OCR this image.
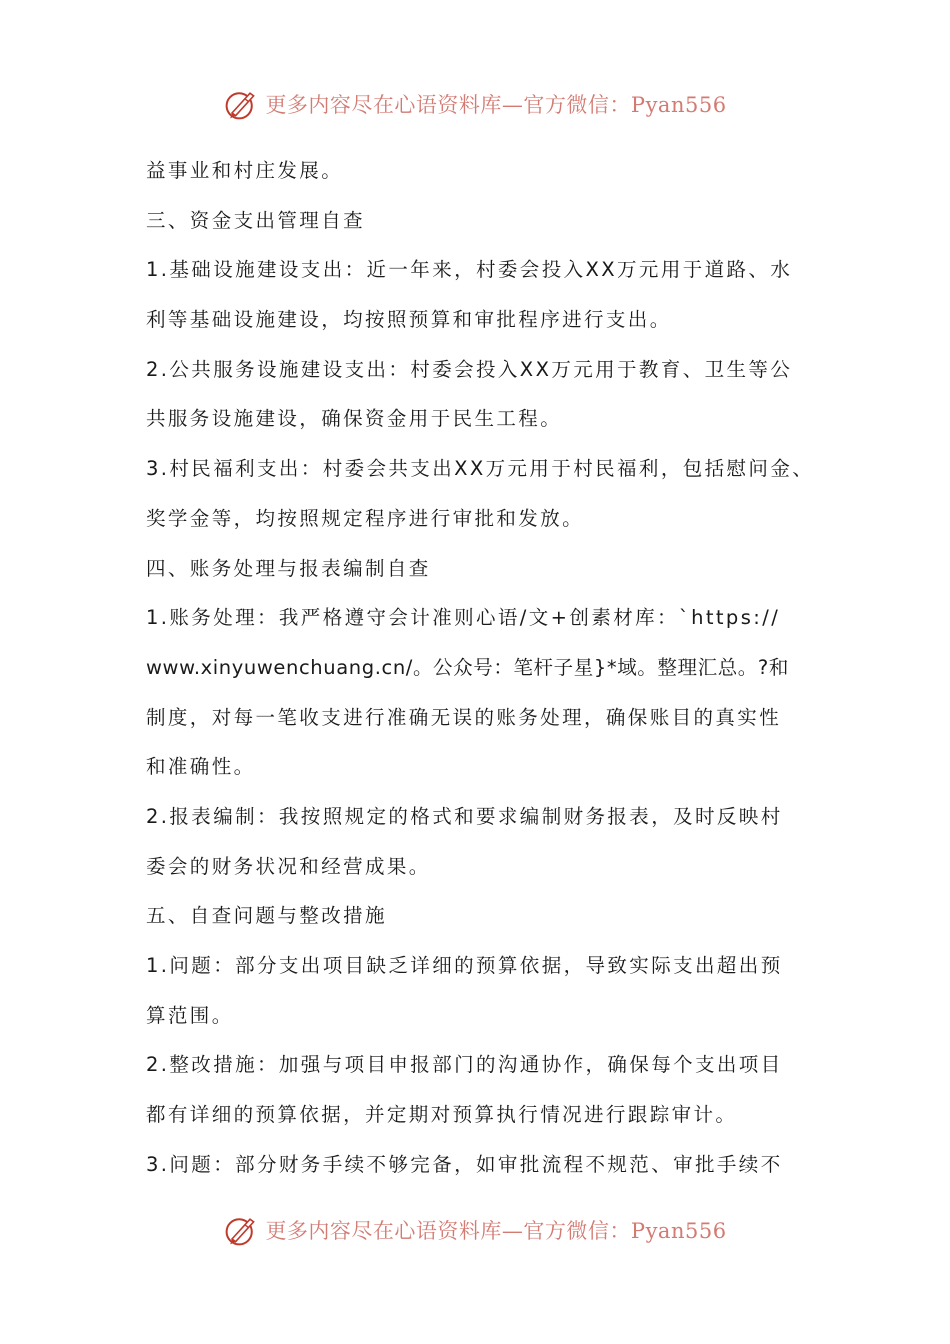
更多内容尽在心语资料库—官方微信：Pyan556
益事业和村庄发展。
三、资金支出管理自查
1.基础设施建设支出：近一年来，村委会投入XX万元用于道路、水
利等基础设施建设，均按照预算和审批程序进行支出。
2.公共服务设施建设支出：村委会投入XX万元用于教育、卫生等公
共服务设施建设，确保资金用于民生工程。
3.村民福利支出：村委会共支出XX万元用于村民福利，包括慰问金、
奖学金等，均按照规定程序进行审批和发放。
四、账务处理与报表编制自查
1.账务处理：我严格遵守会计准则心语/文+创素材库：`https://
www.xinyuwenchuang.cn/。公众号：笔杆子星}*域。整理汇总。?和
制度，对每一笔收支进行准确无误的账务处理，确保账目的真实性
和准确性。
2.报表编制：我按照规定的格式和要求编制财务报表，及时反映村
委会的财务状况和经营成果。
五、自查问题与整改措施
1.问题：部分支出项目缺乏详细的预算依据，导致实际支出超出预
算范围。
2.整改措施：加强与项目申报部门的沟通协作，确保每个支出项目
都有详细的预算依据，并定期对预算执行情况进行跟踪审计。
3.问题：部分财务手续不够完备，如审批流程不规范、审批手续不
更多内容尽在心语资料库—官方微信：Pyan556
